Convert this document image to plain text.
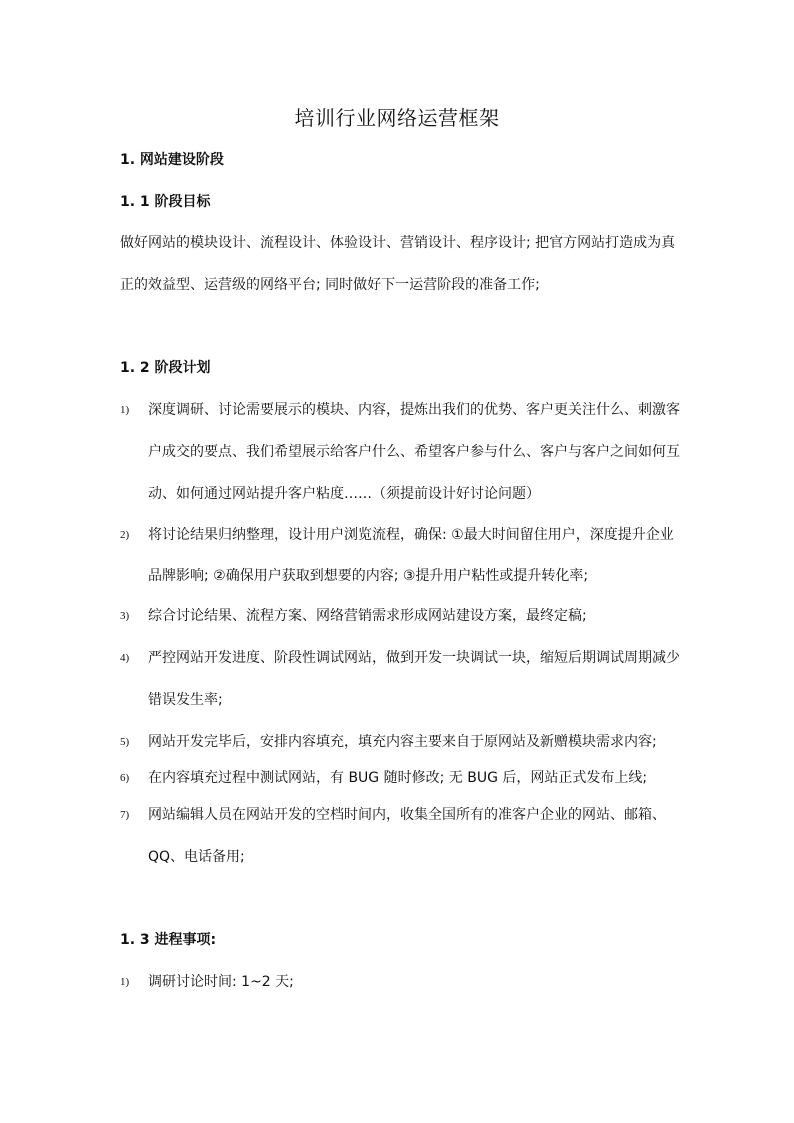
培训行业网络运营框架
1. 网站建设阶段
1. 1 阶段目标
做好网站的模块设计、流程设计、体验设计、营销设计、程序设计; 把官方网站打造成为真
正的效益型、运营级的网络平台; 同时做好下一运营阶段的准备工作;
1. 2 阶段计划
1) 深度调研、讨论需要展示的模块、内容，提炼出我们的优势、客户更关注什么、刺激客
户成交的要点、我们希望展示给客户什么、希望客户参与什么、客户与客户之间如何互
动、如何通过网站提升客户粘度……（须提前设计好讨论问题）
2) 将讨论结果归纳整理，设计用户浏览流程，确保: ①最大时间留住用户，深度提升企业
品牌影响; ②确保用户获取到想要的内容; ③提升用户粘性或提升转化率;
3) 综合讨论结果、流程方案、网络营销需求形成网站建设方案，最终定稿;
4) 严控网站开发进度、阶段性调试网站，做到开发一块调试一块，缩短后期调试周期减少
错误发生率;
5) 网站开发完毕后，安排内容填充，填充内容主要来自于原网站及新赠模块需求内容;
6) 在内容填充过程中测试网站，有 BUG 随时修改; 无 BUG 后，网站正式发布上线;
7) 网站编辑人员在网站开发的空档时间内，收集全国所有的准客户企业的网站、邮箱、
QQ、电话备用;
1. 3 进程事项:
1) 调研讨论时间: 1~2 天;
